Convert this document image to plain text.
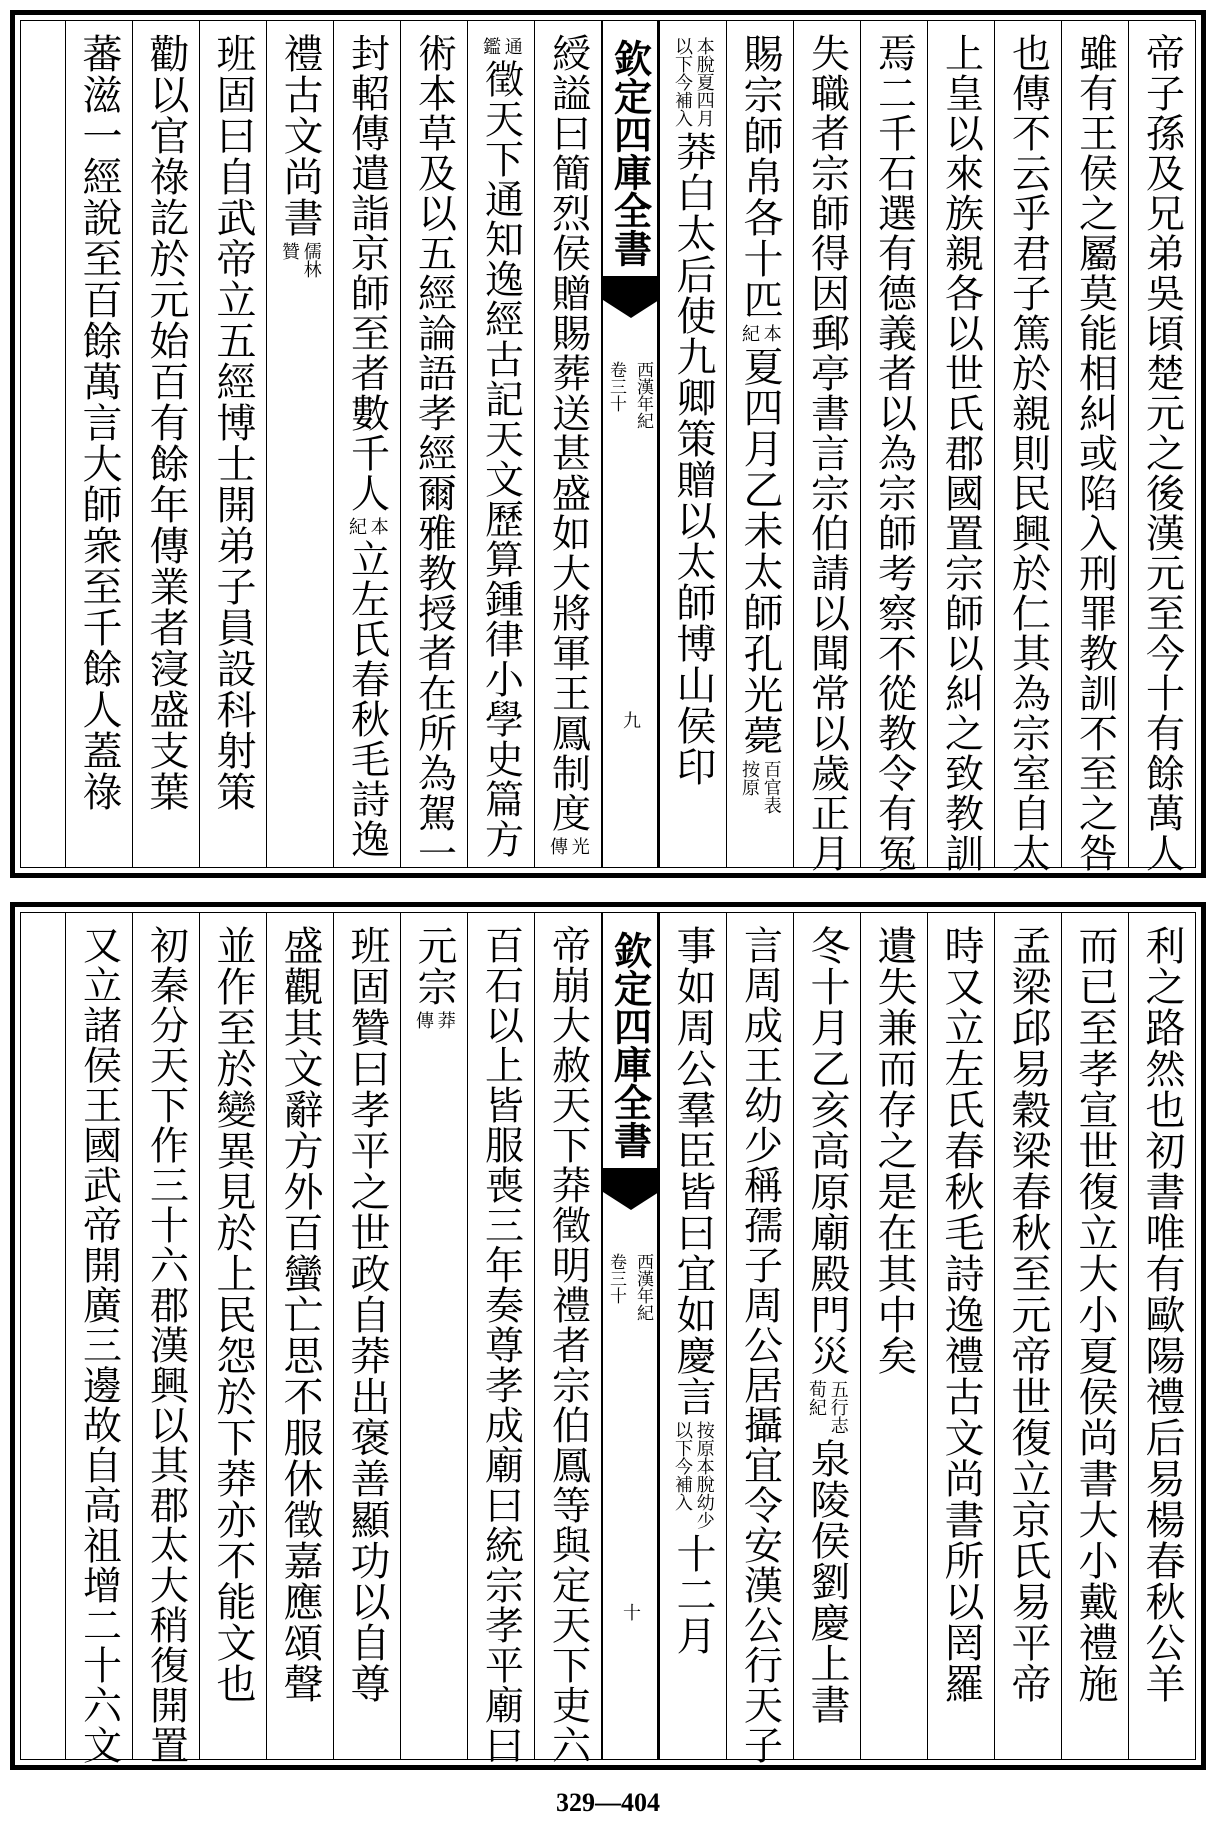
帝子孫及兄弟吳頃楚元之後漢元至今十有餘萬人
雖有王侯之屬莫能相糾或陷入刑罪教訓不至之咎
也傳不云乎君子篤於親則民興於仁其為宗室自太
上皇以來族親各以世氏郡國置宗師以糾之致教訓
焉二千石選有德義者以為宗師考察不從教令有冤
失職者宗師得因郵亭書言宗伯請以聞常以歲正月
賜宗師帛各十匹
本
紀
夏四月乙未太師孔光薨
百官表
按原
本脫夏四月
以下今補入
莽白太后使九卿策贈以太師博山侯印
欽定四庫全書
西漢年紀
卷三十
九
綬謚曰簡烈侯贈賜葬送甚盛如大將軍王鳳制度
光
傳
通
鑑
徵天下通知逸經古記天文歷算鍾律小學史篇方
術本草及以五經論語孝經爾雅教授者在所為駕一
封軺傳遣詣京師至者數千人
本
紀
立左氏春秋毛詩逸
禮古文尚書
儒林
贊
班固曰自武帝立五經博士開弟子員設科射策
勸以官祿訖於元始百有餘年傳業者寖盛支葉
蕃滋一經說至百餘萬言大師衆至千餘人蓋祿
利之路然也初書唯有歐陽禮后易楊春秋公羊
而已至孝宣世復立大小夏侯尚書大小戴禮施
孟梁邱易穀梁春秋至元帝世復立京氏易平帝
時又立左氏春秋毛詩逸禮古文尚書所以罔羅
遺失兼而存之是在其中矣
冬十月乙亥高原廟殿門災
五行志
荀紀
泉陵侯劉慶上書
言周成王幼少稱孺子周公居攝宜令安漢公行天子
事如周公羣臣皆曰宜如慶言
按原本脫幼少
以下今補入
十二月
欽定四庫全書
西漢年紀
卷三十
十
帝崩大赦天下莽徵明禮者宗伯鳳等與定天下吏六
百石以上皆服喪三年奏尊孝成廟曰統宗孝平廟曰
元宗
莽
傳
班固贊曰孝平之世政自莽出褒善顯功以自尊
盛觀其文辭方外百蠻亡思不服休徵嘉應頌聲
並作至於變異見於上民怨於下莽亦不能文也
初秦分天下作三十六郡漢興以其郡太大稍復開置
又立諸侯王國武帝開廣三邊故自高祖增二十六文
329—404
